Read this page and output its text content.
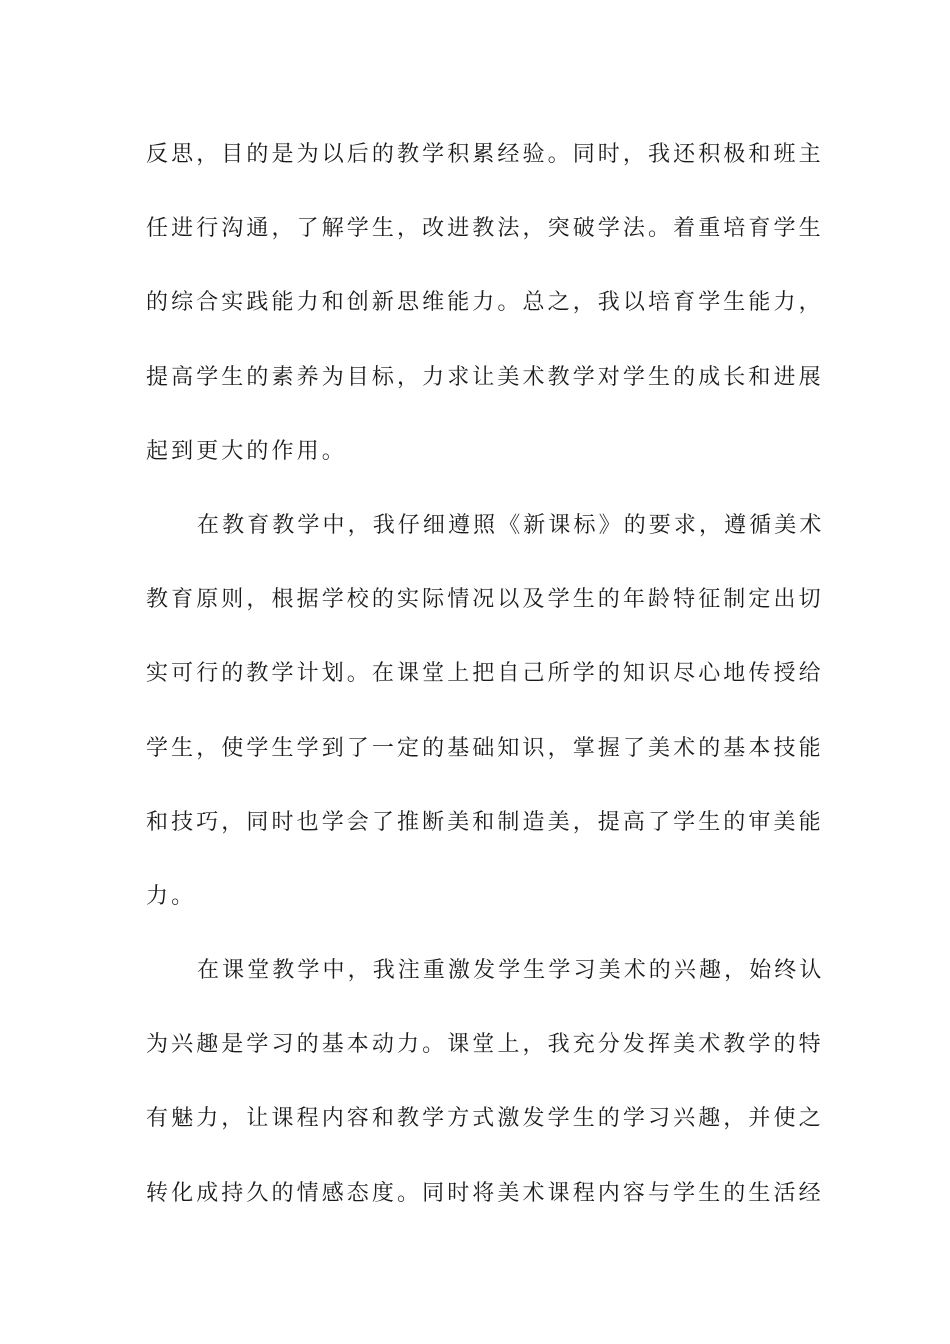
反思，目的是为以后的教学积累经验。同时，我还积极和班主
任进行沟通，了解学生，改进教法，突破学法。着重培育学生
的综合实践能力和创新思维能力。总之，我以培育学生能力，
提高学生的素养为目标，力求让美术教学对学生的成长和进展
起到更大的作用。
在教育教学中，我仔细遵照《新课标》的要求，遵循美术
教育原则，根据学校的实际情况以及学生的年龄特征制定出切
实可行的教学计划。在课堂上把自己所学的知识尽心地传授给
学生，使学生学到了一定的基础知识，掌握了美术的基本技能
和技巧，同时也学会了推断美和制造美，提高了学生的审美能
力。
在课堂教学中，我注重激发学生学习美术的兴趣，始终认
为兴趣是学习的基本动力。课堂上，我充分发挥美术教学的特
有魅力，让课程内容和教学方式激发学生的学习兴趣，并使之
转化成持久的情感态度。同时将美术课程内容与学生的生活经
